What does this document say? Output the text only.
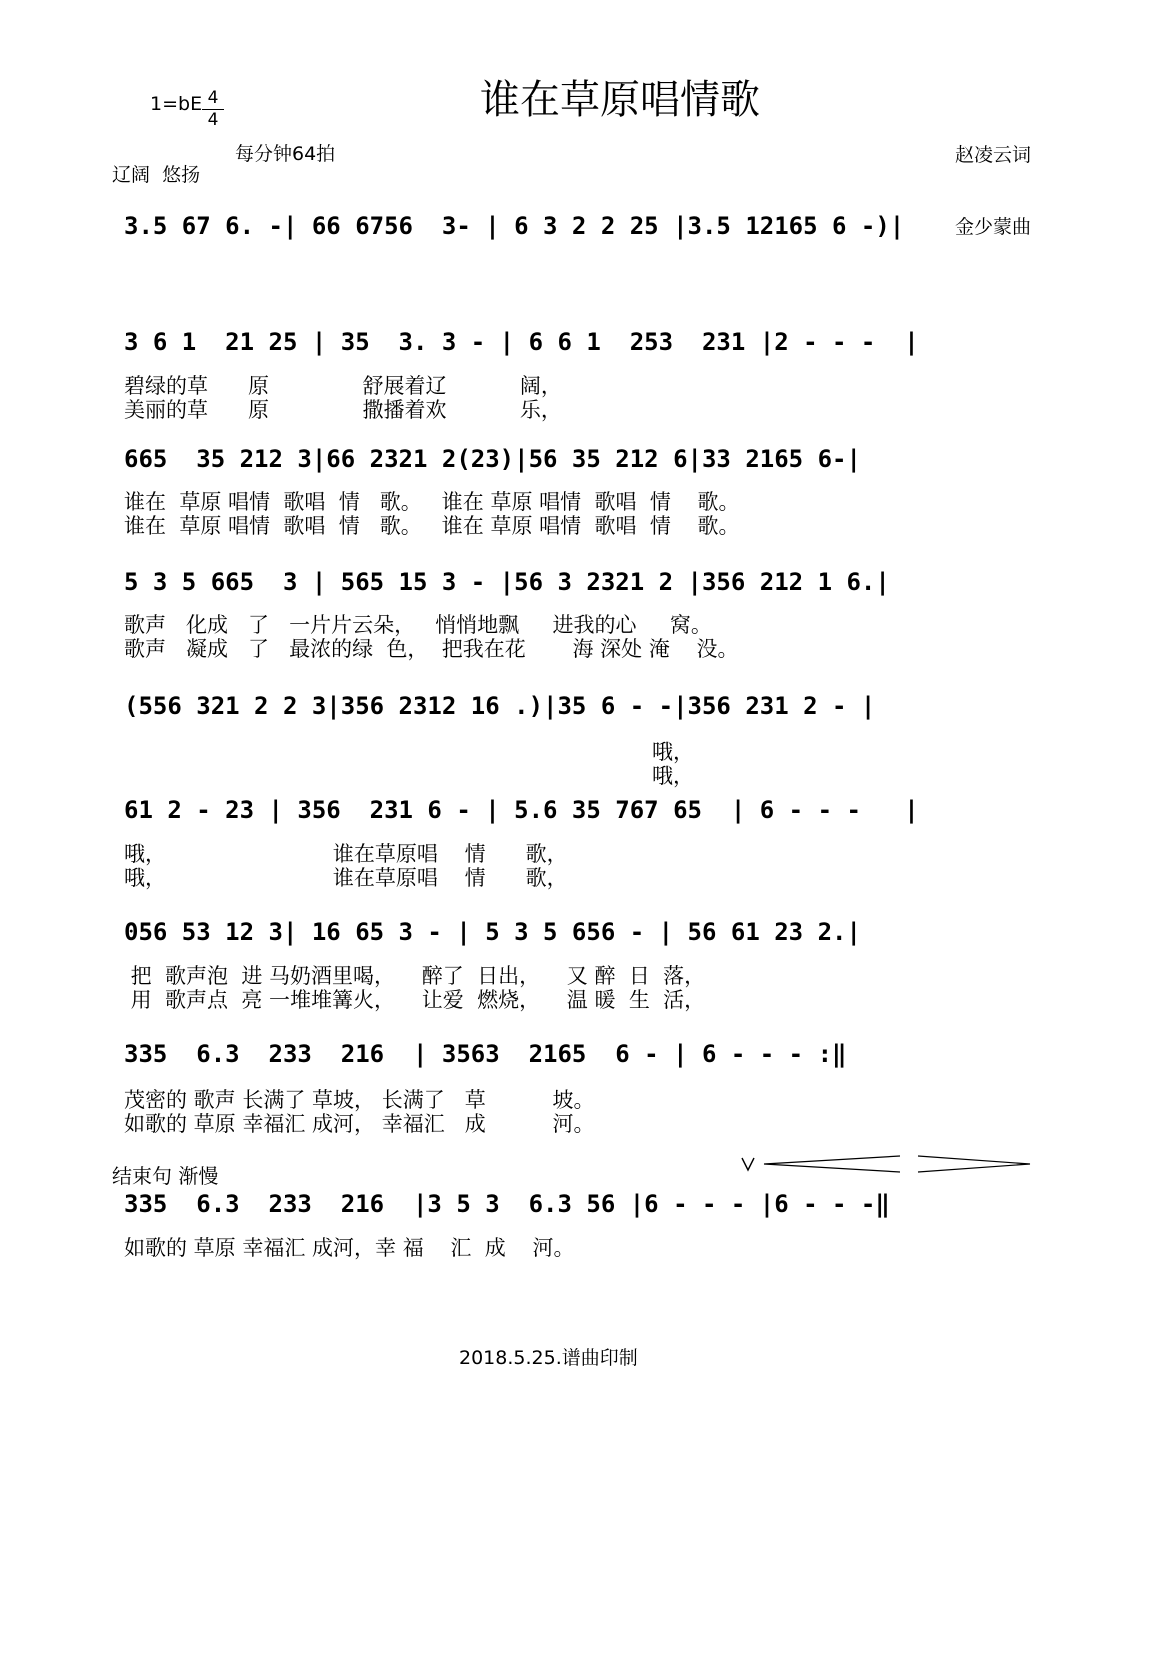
谁在草原唱情歌
1=bE 4
4
每分钟64拍
辽阔  悠扬

赵凌云词

金少蒙曲

3.5 67 6. -| 66 6756  3- | 6 3 2 2 25 |3.5 12165 6 -)|
3 6 1  21 25 | 35  3. 3 - | 6 6 1  253  231 |2 - - -  |
碧绿的草      原              舒展着辽           阔，
美丽的草      原              撒播着欢           乐，
665  35 212 3|66 2321 2(23)|56 35 212 6|33 2165 6-|
谁在  草原 唱情  歌唱  情   歌。   谁在 草原 唱情  歌唱  情    歌。
谁在  草原 唱情  歌唱  情   歌。   谁在 草原 唱情  歌唱  情    歌。
5 3 5 665  3 | 565 15 3 - |56 3 2321 2 |356 212 1 6.|
歌声   化成   了   一片片云朵，   悄悄地飘     进我的心     窝。
歌声   凝成   了   最浓的绿  色，  把我在花       海 深处 淹    没。
(556 321 2 2 3|356 2312 16 .)|35 6 - -|356 231 2 - |
哦，
哦，
61 2 - 23 | 356  231 6 - | 5.6 35 767 65  | 6 - - -   |
哦，                         谁在草原唱    情      歌，
哦，                         谁在草原唱    情      歌，
056 53 12 3| 16 65 3 - | 5 3 5 656 - | 56 61 23 2.|
把  歌声泡  进 马奶酒里喝，    醉了  日出，    又 醉  日  落，
用  歌声点  亮 一堆堆篝火，    让爱  燃烧，    温 暖  生  活，
335  6.3  233  216  | 3563  2165  6 - | 6 - - - :‖
茂密的 歌声 长满了 草坡， 长满了   草          坡。
如歌的 草原 幸福汇 成河， 幸福汇   成          河。
结束句 渐慢
335  6.3  233  216  |3 5 3  6.3 56 |6 - - - |6 - - -‖
如歌的 草原 幸福汇 成河，幸 福    汇  成    河。
2018.5.25.谱曲印制
